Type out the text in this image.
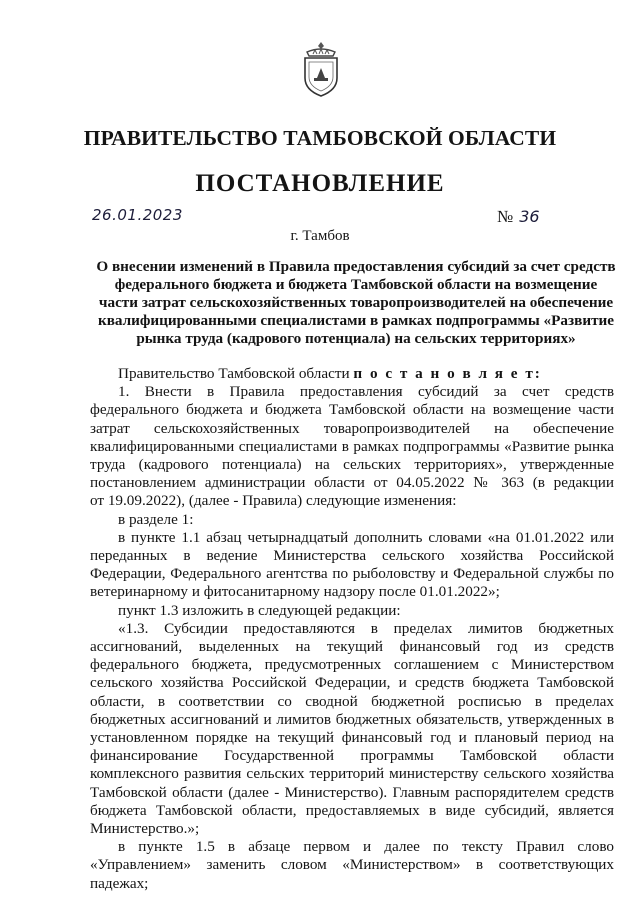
ПРАВИТЕЛЬСТВО ТАМБОВСКОЙ ОБЛАСТИ
ПОСТАНОВЛЕНИЕ
26.01.2023	№ 36
г. Тамбов
О внесении изменений в Правила предоставления субсидий за счет средств
федерального бюджета и бюджета Тамбовской области на возмещение
части затрат сельскохозяйственных товаропроизводителей на обеспечение
квалифицированными специалистами в рамках подпрограммы «Развитие
рынка труда (кадрового потенциала) на сельских территориях»
Правительство Тамбовской области п о с т а н о в л я е т:
1. Внести в Правила предоставления субсидий за счет средств
федерального бюджета и бюджета Тамбовской области на возмещение части
затрат сельскохозяйственных товаропроизводителей на обеспечение
квалифицированными специалистами в рамках подпрограммы «Развитие рынка
труда (кадрового потенциала) на сельских территориях», утвержденные
постановлением администрации области от 04.05.2022 № 363 (в редакции
от 19.09.2022), (далее - Правила) следующие изменения:
в разделе 1:
в пункте 1.1 абзац четырнадцатый дополнить словами «на 01.01.2022 или
переданных в ведение Министерства сельского хозяйства Российской
Федерации, Федерального агентства по рыболовству и Федеральной службы по
ветеринарному и фитосанитарному надзору после 01.01.2022»;
пункт 1.3 изложить в следующей редакции:
«1.3. Субсидии предоставляются в пределах лимитов бюджетных
ассигнований, выделенных на текущий финансовый год из средств
федерального бюджета, предусмотренных соглашением с Министерством
сельского хозяйства Российской Федерации, и средств бюджета Тамбовской
области, в соответствии со сводной бюджетной росписью в пределах
бюджетных ассигнований и лимитов бюджетных обязательств, утвержденных в
установленном порядке на текущий финансовый год и плановый период на
финансирование Государственной программы Тамбовской области
комплексного развития сельских территорий министерству сельского хозяйства
Тамбовской области (далее - Министерство). Главным распорядителем средств
бюджета Тамбовской области, предоставляемых в виде субсидий, является
Министерство.»;
в пункте 1.5 в абзаце первом и далее по тексту Правил слово
«Управлением» заменить словом «Министерством» в соответствующих
падежах;
